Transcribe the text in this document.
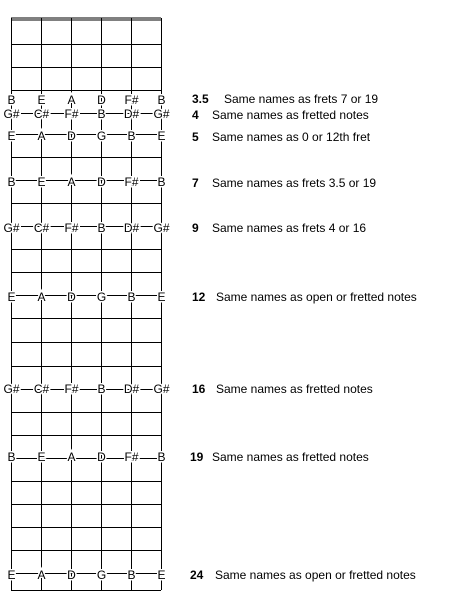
B E A D F# B
G# C# F# B D# G#
E A D G B E
B E A D F# B
G# C# F# B D# G#
E A D G B E
G# C# F# B D# G#
B E A D F# B
E A D G B E
3.5 Same names as frets 7 or 19
4 Same names as fretted notes
5 Same names as 0 or 12th fret
7 Same names as frets 3.5 or 19
9 Same names as frets 4 or 16
12 Same names as open or fretted notes
16 Same names as fretted notes
19 Same names as fretted notes
24 Same names as open or fretted notes
